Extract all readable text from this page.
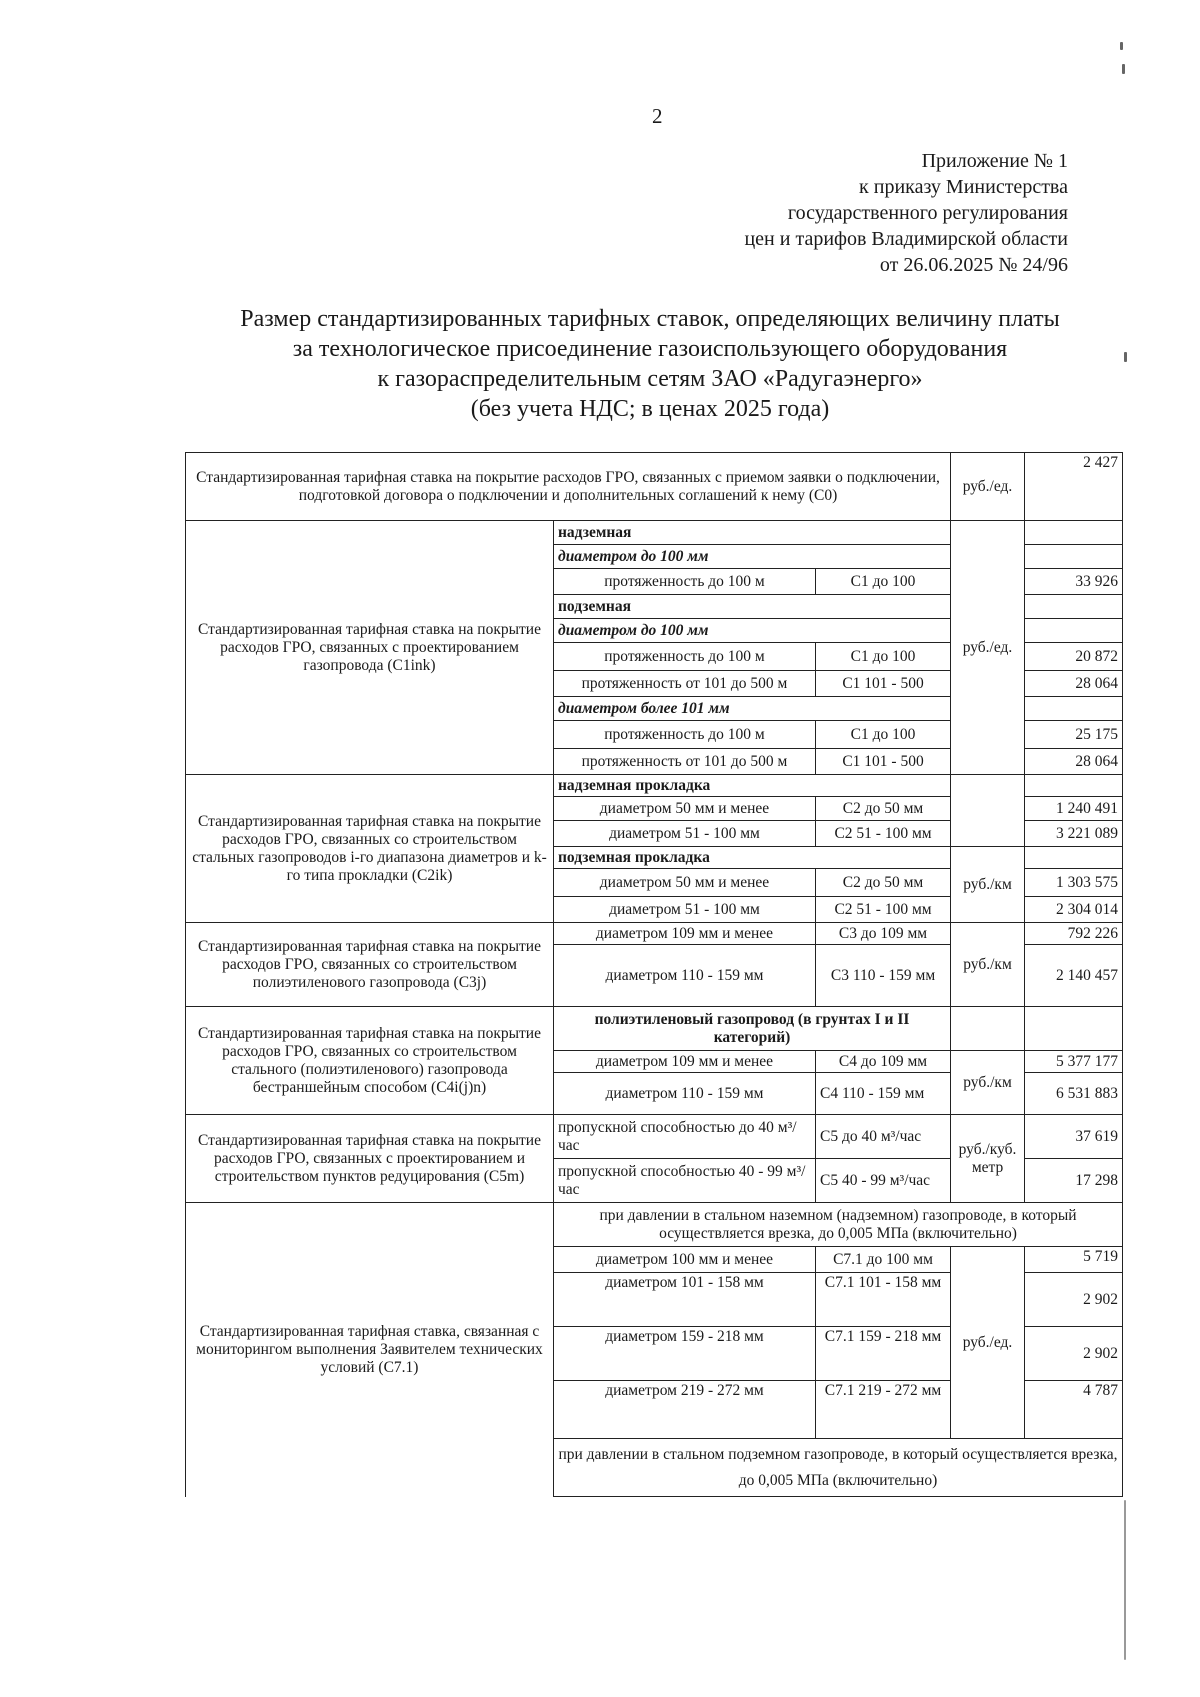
2
Приложение № 1
к приказу Министерства
государственного регулирования
цен и тарифов Владимирской области
от 26.06.2025 № 24/96
Размер стандартизированных тарифных ставок, определяющих величину платы
за технологическое присоединение газоиспользующего оборудования
к газораспределительным сетям ЗАО «Радугаэнерго»
(без учета НДС; в ценах 2025 года)
Стандартизированная тарифная ставка на покрытие расходов ГРО, связанных с приемом заявки о подключении, подготовкой договора о подключении и дополнительных соглашений к нему (С0)			руб./ед.	2 427
Стандартизированная тарифная ставка на покрытие расходов ГРО, связанных с проектированием газопровода (С1ink)	надземная		руб./ед.	
	диаметром до 100 мм			
	протяженность до 100 м	С1 до 100		33 926
	подземная			
	диаметром до 100 мм			
	протяженность до 100 м	С1 до 100		20 872
	протяженность от 101 до 500 м	С1 101 - 500		28 064
	диаметром более 101 мм			
	протяженность до 100 м	С1 до 100		25 175
	протяженность от 101 до 500 м	С1 101 - 500		28 064
Стандартизированная тарифная ставка на покрытие расходов ГРО, связанных со строительством стальных газопроводов i-го диапазона диаметров и k-го типа прокладки (С2ik)	надземная прокладка			
	диаметром 50 мм и менее	С2 до 50 мм		1 240 491
	диаметром 51 - 100 мм	С2 51 - 100 мм		3 221 089
	подземная прокладка		руб./км	
	диаметром 50 мм и менее	С2 до 50 мм		1 303 575
	диаметром 51 - 100 мм	С2 51 - 100 мм		2 304 014
Стандартизированная тарифная ставка на покрытие расходов ГРО, связанных со строительством полиэтиленового газопровода (С3j)	диаметром 109 мм и менее	С3 до 109 мм	руб./км	792 226
	диаметром 110 - 159 мм	С3 110 - 159 мм		2 140 457
Стандартизированная тарифная ставка на покрытие расходов ГРО, связанных со строительством стального (полиэтиленового) газопровода бестраншейным способом (С4i(j)n)	полиэтиленовый газопровод (в грунтах I и II категорий)			
	диаметром 109 мм и менее	С4 до 109 мм	руб./км	5 377 177
	диаметром 110 - 159 мм	С4 110 - 159 мм		6 531 883
Стандартизированная тарифная ставка на покрытие расходов ГРО, связанных с проектированием и строительством пунктов редуцирования (С5m)	пропускной способностью до 40 м³/час	С5 до 40 м³/час	руб./куб. метр	37 619
	пропускной способностью 40 - 99 м³/час	С5 40 - 99 м³/час		17 298
Стандартизированная тарифная ставка, связанная с мониторингом выполнения Заявителем технических условий (С7.1)	при давлении в стальном наземном (надземном) газопроводе, в который осуществляется врезка, до 0,005 МПа (включительно)			
	диаметром 100 мм и менее	С7.1 до 100 мм	руб./ед.	5 719
	диаметром 101 - 158 мм	С7.1 101 - 158 мм		2 902
	диаметром 159 - 218 мм	С7.1 159 - 218 мм		2 902
	диаметром 219 - 272 мм	С7.1 219 - 272 мм		4 787
	при давлении в стальном подземном газопроводе, в который осуществляется врезка, до 0,005 МПа (включительно)			
